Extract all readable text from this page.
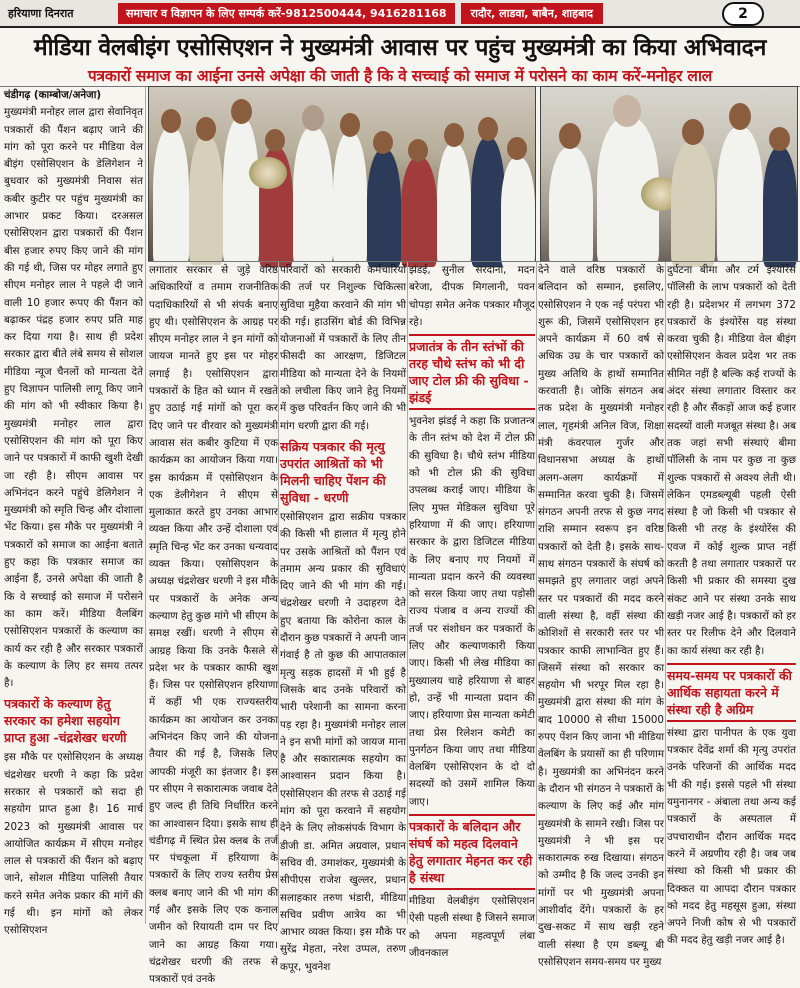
हरियाणा दिनरात	समाचार व विज्ञापन के लिए सम्पर्क करें-9812500444, 9416281168	रादौर, लाडवा, बाबैन, शाहबाद	2
मीडिया वेलबीइंग एसोसिएशन ने मुख्यमंत्री आवास पर पहुंच मुख्यमंत्री का किया अभिवादन
पत्रकारों समाज का आईना उनसे अपेक्षा की जाती है कि वे सच्चाई को समाज में परोसने का काम करें-मनोहर लाल

चंडीगढ़ (काम्बोज/अनेजा)

मुख्यमंत्री मनोहर लाल द्वारा सेवानिवृत पत्रकारों की पैंशन बढ़ाए जाने की मांग को पूरा करने पर मीडिया वेल बीइंग एसोसिएशन के डेलिगेशन ने बुधवार को मुख्यमंत्री निवास संत कबीर कुटीर पर पहुंच मुख्यमंत्री का आभार प्रकट किया। दरअसल एसोसिएशन द्वारा पत्रकारों की पैंशन बीस हजार रुपए किए जाने की मांग की गई थी, जिस पर मोहर लगाते हुए सीएम मनोहर लाल ने पहले दी जाने वाली 10 हजार रूपए की पैंशन को बढ़ाकर पंद्रह हजार रुपए प्रति माह कर दिया गया है। साथ ही प्रदेश सरकार द्वारा बीते लंबे समय से सोशल मीडिया न्यूज चैनलों को मान्यता देते हुए विज्ञापन पालिसी लागू किए जाने की मांग को भी स्वीकार किया है। मुख्यमंत्री मनोहर लाल द्वारा एसोसिएशन की मांग को पूरा किए जाने पर पत्रकारों में काफी खुशी देखी जा रही है। सीएम आवास पर अभिनंदन करने पहुंचे डेलिगेशन ने मुख्यमंत्री को स्मृति चिन्ह और दोशाला भेंट किया। इस मौके पर मुख्यमंत्री ने पत्रकारों को समाज का आईना बताते हुए कहा कि पत्रकार समाज का आईना हैं, उनसे अपेक्षा की जाती है कि वे सच्चाई को समाज में परोसने का काम करें। मीडिया वैलबिंग एसोसिएशन पत्रकारों के कल्याण का कार्य कर रही है और सरकार पत्रकारों के कल्याण के लिए हर समय तत्पर है।

पत्रकारों के कल्याण हेतु सरकार का हमेशा सहयोग प्राप्त हुआ -चंद्रशेखर धरणी

इस मौके पर एसोसिएशन के अध्यक्ष चंद्रशेखर धरणी ने कहा कि प्रदेश सरकार से पत्रकारों को सदा ही सहयोग प्राप्त हुआ है। 16 मार्च 2023 को मुख्यमंत्री आवास पर आयोजित कार्यक्रम में सीएम मनोहर लाल से पत्रकारों की पैंशन को बढ़ाए जाने, सोशल मीडिया पालिसी तैयार करने समेत अनेक प्रकार की मांगें की गई थी। इन मांगों को लेकर एसोसिएशन

लगातार सरकार से जुड़े वरिष्ठ अधिकारियों व तमाम राजनीतिक पदाधिकारियों से भी संपर्क बनाए हुए थी। एसोसिएशन के आग्रह पर सीएम मनोहर लाल ने इन मांगों को जायज मानते हुए इस पर मोहर लगाई है। एसोसिएशन द्वारा पत्रकारों के हित को ध्यान में रखते हुए उठाई गई मांगों को पूरा कर दिए जाने पर वीरवार को मुख्यमंत्री आवास संत कबीर कुटिया में एक कार्यक्रम का आयोजन किया गया। इस कार्यक्रम में एसोसिएशन के एक डेलीगेशन ने सीएम से मुलाकात करते हुए उनका आभार व्यक्त किया और उन्हें दोशाला एवं स्मृति चिन्ह भेंट कर उनका धन्यवाद व्यक्त किया। एसोसिएशन के अध्यक्ष चंद्रशेखर धरणी ने इस मौके पर पत्रकारों के अनेक अन्य कल्याण हेतु कुछ मांगे भी सीएम के समक्ष रखीं। धरणी ने सीएम से आग्रह किया कि उनके फैसले से प्रदेश भर के पत्रकार काफी खुश हैं। जिस पर एसोसिएशन हरियाणा में कहीं भी एक राज्यस्तरीय कार्यक्रम का आयोजन कर उनका अभिनंदन किए जाने की योजना तैयार की गई है, जिसके लिए आपकी मंजूरी का इंतजार है। इस पर सीएम ने सकारात्मक जवाब देते हुए जल्द ही तिथि निर्धारित करने का आश्वासन दिया। इसके साथ ही चंडीगढ़ में स्थित प्रेस क्लब के तर्ज पर पंचकूला में हरियाणा के पत्रकारों के लिए राज्य स्तरीय प्रेस क्लब बनाए जाने की भी मांग की गई और इसके लिए एक कनाल जमीन को रियायती दाम पर दिए जाने का आग्रह किया गया। चंद्रशेखर धरणी की तरफ से पत्रकारों एवं उनके

परिवारों को सरकारी कर्मचारियों की तर्ज पर निशुल्क चिकित्सा सुविधा मुहैया करवाने की मांग भी की गई। हाउसिंग बोर्ड की विभिन्न योजनाओं में पत्रकारों के लिए तीन फीसदी का आरक्षण, डिजिटल मीडिया को मान्यता देने के नियमों को लचीला किए जाने हेतु नियमों में कुछ परिवर्तन किए जाने की भी मांग धरणी द्वारा की गई।

सक्रिय पत्रकार की मृत्यु उपरांत आश्रितों को भी मिलनी चाहिए पेंशन की सुविधा - धरणी

एसोसिएशन द्वारा सक्रीय पत्रकार की किसी भी हालात में मृत्यु होने पर उसके आश्रितों को पैंशन एवं तमाम अन्य प्रकार की सुविधाएं दिए जाने की भी मांग की गई। चंद्रशेखर धरणी ने उदाहरण देते हुए बताया कि कोरोना काल के दौरान कुछ पत्रकारों ने अपनी जान गंवाई है तो कुछ की आपातकाल मृत्यु सड़क हादसों में भी हुई है जिसके बाद उनके परिवारों को भारी परेशानी का सामना करना पड़ रहा है। मुख्यमंत्री मनोहर लाल ने इन सभी मांगों को जायज माना है और सकारात्मक सहयोग का आश्वासन प्रदान किया है। एसोसिएशन की तरफ से उठाई गई मांग को पूरा करवाने में सहयोग देने के लिए लोकसंपर्क विभाग के डीजी डा. अमित अग्रवाल, प्रधान सचिव वी. उमाशंकर, मुख्यमंत्री के सीपीएस राजेश खुल्लर, प्रधान सलाहकार तरुण भंडारी, मीडिया सचिव प्रवीण आत्रेय का भी आभार व्यक्त किया। इस मौके पर सुरेंद्र मेहता, नरेश उप्पल, तरुण कपूर, भुवनेश

झंडई, सुनील सरदाना, मदन बरेजा, दीपक मिगलानी, पवन चोपड़ा समेत अनेक पत्रकार मौजूद रहे।

प्रजातंत्र के तीन स्तंभों की तरह चौथे स्तंभ को भी दी जाए टोल फ्री की सुविधा - झंडई

भुवनेश झंडई ने कहा कि प्रजातन्त्र के तीन स्तंभ को देश में टोल फ्री की सुविधा है। चौथे स्तंभ मीडिया को भी टोल फ्री की सुविधा उपलब्ध कराई जाए। मीडिया के लिए मुफ्त मेडिकल सुविधा पूरे हरियाणा में की जाए। हरियाणा सरकार के द्वारा डिजिटल मीडिया के लिए बनाए गए नियमों में मान्यता प्रदान करने की व्यवस्था को सरल किया जाए तथा पड़ोसी राज्य पंजाब व अन्य राज्यों की तर्ज पर संशोधन कर पत्रकारों के लिए और कल्याणकारी किया जाए। किसी भी लेख मीडिया का मुख्यालय चाहे हरियाणा से बाहर हो, उन्हें भी मान्यता प्रदान की जाए। हरियाणा प्रेस मान्यता कमेटी तथा प्रेस रिलेशन कमेटी का पुनर्गठन किया जाए तथा मीडिया वेलबिंग एसोसिएशन के दो दो सदस्यों को उसमें शामिल किया जाए।

पत्रकारों के बलिदान और संघर्ष को महत्व दिलवाने हेतु लगातार मेहनत कर रही है संस्था

मीडिया वेलबीइंग एसोसिएशन ऐसी पहली संस्था है जिसने समाज को अपना महत्वपूर्ण लंबा जीवनकाल

देने वाले वरिष्ठ पत्रकारों के बलिदान को सम्मान, इसलिए, एसोसिएशन ने एक नई परंपरा भी शुरू की, जिसमें एसोसिएशन हर अपने कार्यक्रम में 60 वर्ष से अधिक उम्र के चार पत्रकारों को मुख्य अतिथि के हाथों सम्मानित करवाती है। जोकि संगठन अब तक प्रदेश के मुख्यमंत्री मनोहर लाल, गृहमंत्री अनिल विज, शिक्षा मंत्री कंवरपाल गुर्जर और विधानसभा अध्यक्ष के हाथों अलग-अलग कार्यक्रमों में सम्मानित करवा चुकी है। जिसमें संगठन अपनी तरफ से कुछ नगद राशि सम्मान स्वरूप इन वरिष्ठ पत्रकारों को देती है। इसके साथ-साथ संगठन पत्रकारों के संघर्ष को समझते हुए लगातार जहां अपने स्तर पर पत्रकारों की मदद करने वाली संस्था है, वहीं संस्था की कोशिशों से सरकारी स्तर पर भी पत्रकार काफी लाभान्वित हुए हैं। जिसमें संस्था को सरकार का सहयोग भी भरपूर मिल रहा है। मुख्यमंत्री द्वारा संस्था की मांग के बाद 10000 से सीधा 15000 रुपए पेंशन किए जाना भी मीडिया वेलबिंग के प्रयासों का ही परिणाम है। मुख्यमंत्री का अभिनंदन करने के दौरान भी संगठन ने पत्रकारों के कल्याण के लिए कई और मांग मुख्यमंत्री के सामने रखी। जिस पर मुख्यमंत्री ने भी इस पर सकारात्मक रुख दिखाया। संगठन को उम्मीद है कि जल्द उनकी इन मांगों पर भी मुख्यमंत्री अपना आशीर्वाद देंगे। पत्रकारों के हर दुख-सकट में साथ खड़ी रहने वाली संस्था है एम डब्ल्यू बी एसोसिएशन समय-समय पर मुख्य

दुर्घटना बीमा और टर्म इंश्योरेंस पॉलिसी के लाभ पत्रकारों को देती रही है। प्रदेशभर में लगभग 372 पत्रकारों के इंश्योरेंस यह संस्था करवा चुकी है। मीडिया वेल बीइंग एसोसिएशन केवल प्रदेश भर तक सीमित नहीं है बल्कि कई राज्यों के अंदर संस्था लगातार विस्तार कर रही है और सैंकड़ों आज कई हजार सदस्यों वाली मजबूत संस्था है। अब तक जहां सभी संस्थाएं बीमा पॉलिसी के नाम पर कुछ ना कुछ शुल्क पत्रकारों से अवश्य लेती थी। लेकिन एमडब्ल्यूबी पहली ऐसी संस्था है जो किसी भी पत्रकार से किसी भी तरह के इंश्योरेंस की एवज में कोई शुल्क प्राप्त नहीं करती है तथा लगातार पत्रकारों पर किसी भी प्रकार की समस्या दुख संकट आने पर संस्था उनके साथ खड़ी नजर आई है। पत्रकारों को हर स्तर पर रिलीफ देने और दिलवाने का कार्य संस्था कर रही है।

समय-समय पर पत्रकारों की आर्थिक सहायता करने में संस्था रही है अग्रिम

संस्था द्वारा पानीपत के एक युवा पत्रकार देवेंद्र शर्मा की मृत्यु उपरांत उनके परिजनों की आर्थिक मदद भी की गई। इससे पहले भी संस्था यमुनानगर - अंबाला तथा अन्य कई पत्रकारों के अस्पताल में उपचाराधीन दौरान आर्थिक मदद करने में अग्रणीय रही है। जब जब संस्था को किसी भी प्रकार की दिक्कत या आपदा दौरान पत्रकार को मदद हेतु महसूस हुआ, संस्था अपने निजी कोष से भी पत्रकारों की मदद हेतु खड़ी नजर आई है।
